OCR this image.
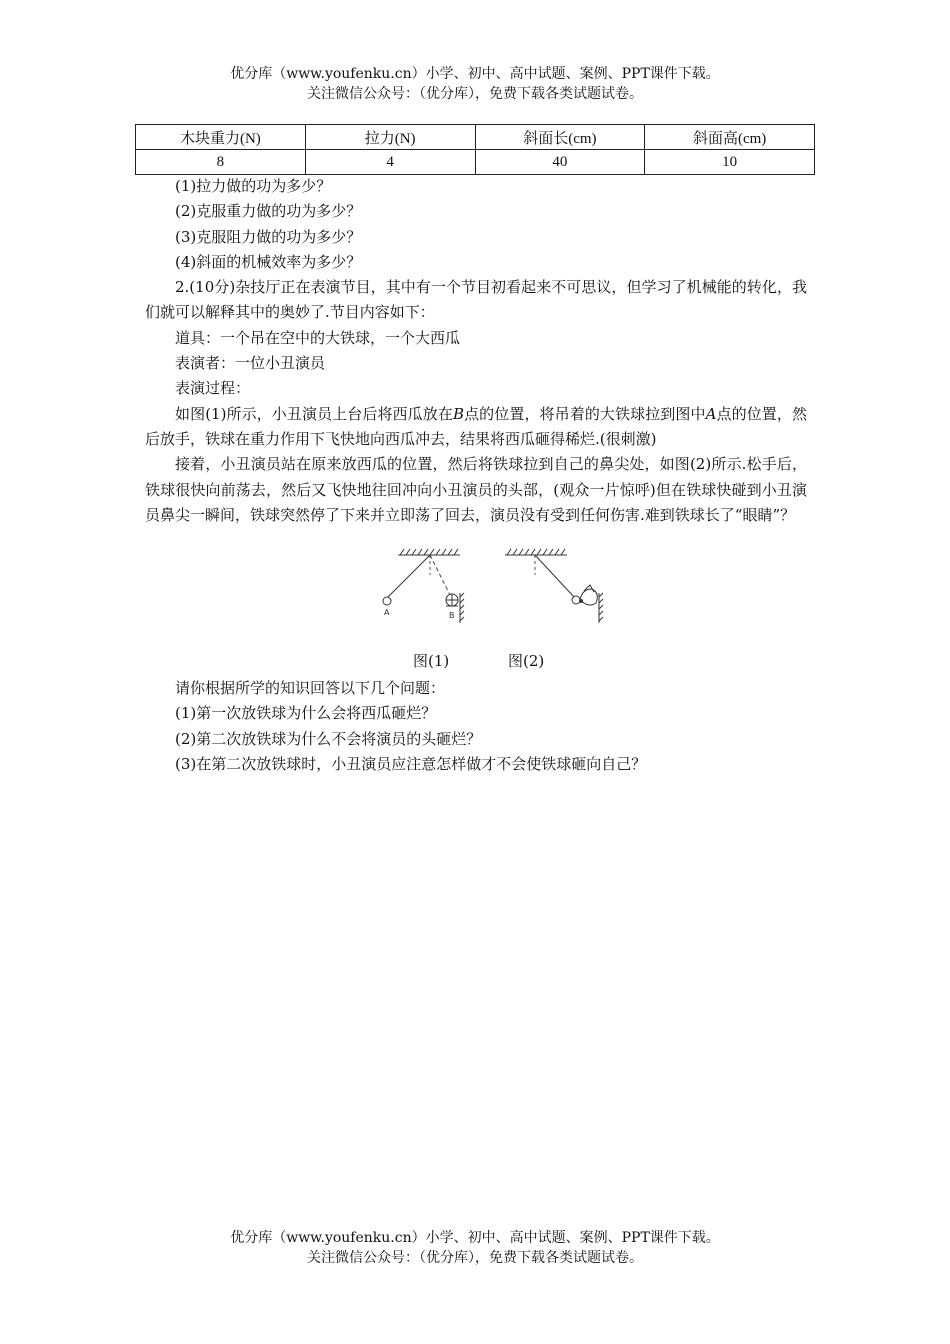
优分库（www.youfenku.cn）小学、初中、高中试题、案例、PPT课件下载。
关注微信公众号：（优分库），免费下载各类试题试卷。
木块重力(N)	拉力(N)	斜面长(cm)	斜面高(cm)
8	4	40	10

(1)拉力做的功为多少？

(2)克服重力做的功为多少？

(3)克服阻力做的功为多少？

(4)斜面的机械效率为多少？

2.(10分)杂技厅正在表演节目，其中有一个节目初看起来不可思议，但学习了机械能的转化，我们就可以解释其中的奥妙了.节目内容如下：

道具：一个吊在空中的大铁球，一个大西瓜

表演者：一位小丑演员

表演过程：

如图(1)所示，小丑演员上台后将西瓜放在B点的位置，将吊着的大铁球拉到图中A点的位置，然后放手，铁球在重力作用下飞快地向西瓜冲去，结果将西瓜砸得稀烂.(很刺激)

接着，小丑演员站在原来放西瓜的位置，然后将铁球拉到自己的鼻尖处，如图(2)所示.松手后，铁球很快向前荡去，然后又飞快地往回冲向小丑演员的头部，(观众一片惊呼)但在铁球快碰到小丑演员鼻尖一瞬间，铁球突然停了下来并立即荡了回去，演员没有受到任何伤害.难到铁球长了“眼睛”？

A	B
图(1)	图(2)

请你根据所学的知识回答以下几个问题：

(1)第一次放铁球为什么会将西瓜砸烂？

(2)第二次放铁球为什么不会将演员的头砸烂？

(3)在第二次放铁球时，小丑演员应注意怎样做才不会使铁球砸向自己？

优分库（www.youfenku.cn）小学、初中、高中试题、案例、PPT课件下载。
关注微信公众号：（优分库），免费下载各类试题试卷。
